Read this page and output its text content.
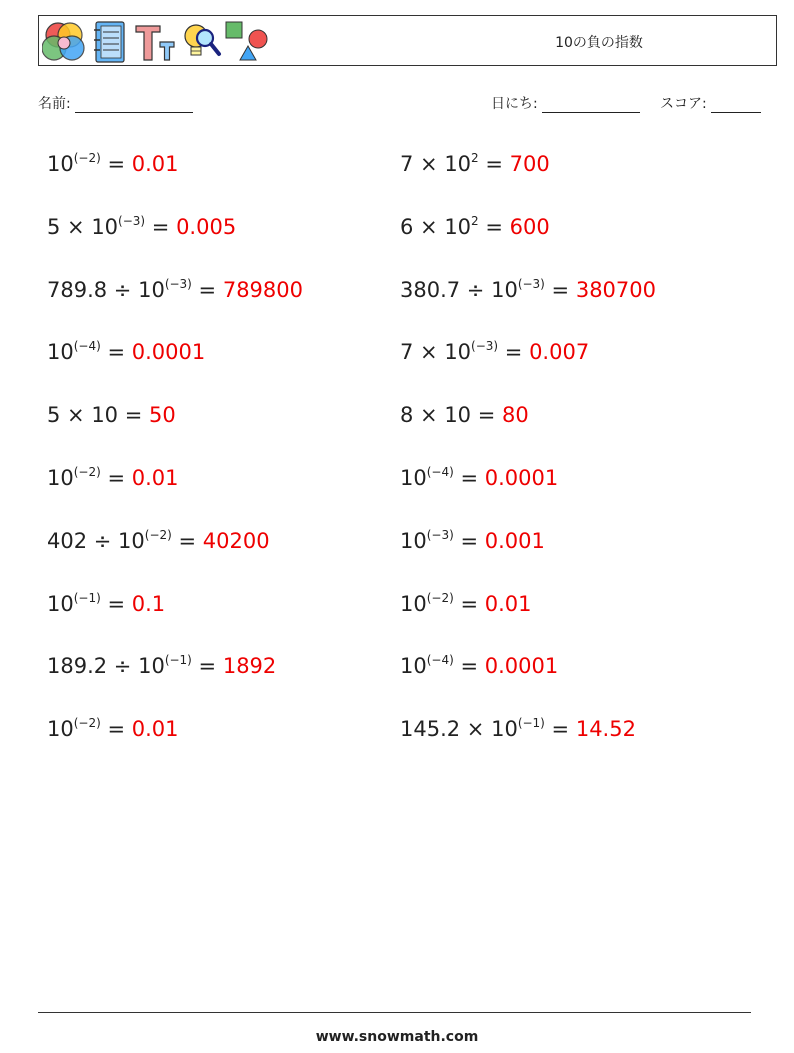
10の負の指数
名前:	日にち:	スコア:
$10^{(-2)} = 0.01$	$7 \times 10^2 = 700$
$5 \times 10^{(-3)} = 0.005$	$6 \times 10^2 = 600$
$789.8 \div 10^{(-3)} = 789800$	$380.7 \div 10^{(-3)} = 380700$
$10^{(-4)} = 0.0001$	$7 \times 10^{(-3)} = 0.007$
5 × 10 = 50	8 × 10 = 80
$10^{(-2)} = 0.01$	$10^{(-4)} = 0.0001$
$402 \div 10^{(-2)} = 40200$	$10^{(-3)} = 0.001$
$10^{(-1)} = 0.1$	$10^{(-2)} = 0.01$
$189.2 \div 10^{(-1)} = 1892$	$10^{(-4)} = 0.0001$
$10^{(-2)} = 0.01$	$145.2 \times 10^{(-1)} = 14.52$
www.snowmath.com
